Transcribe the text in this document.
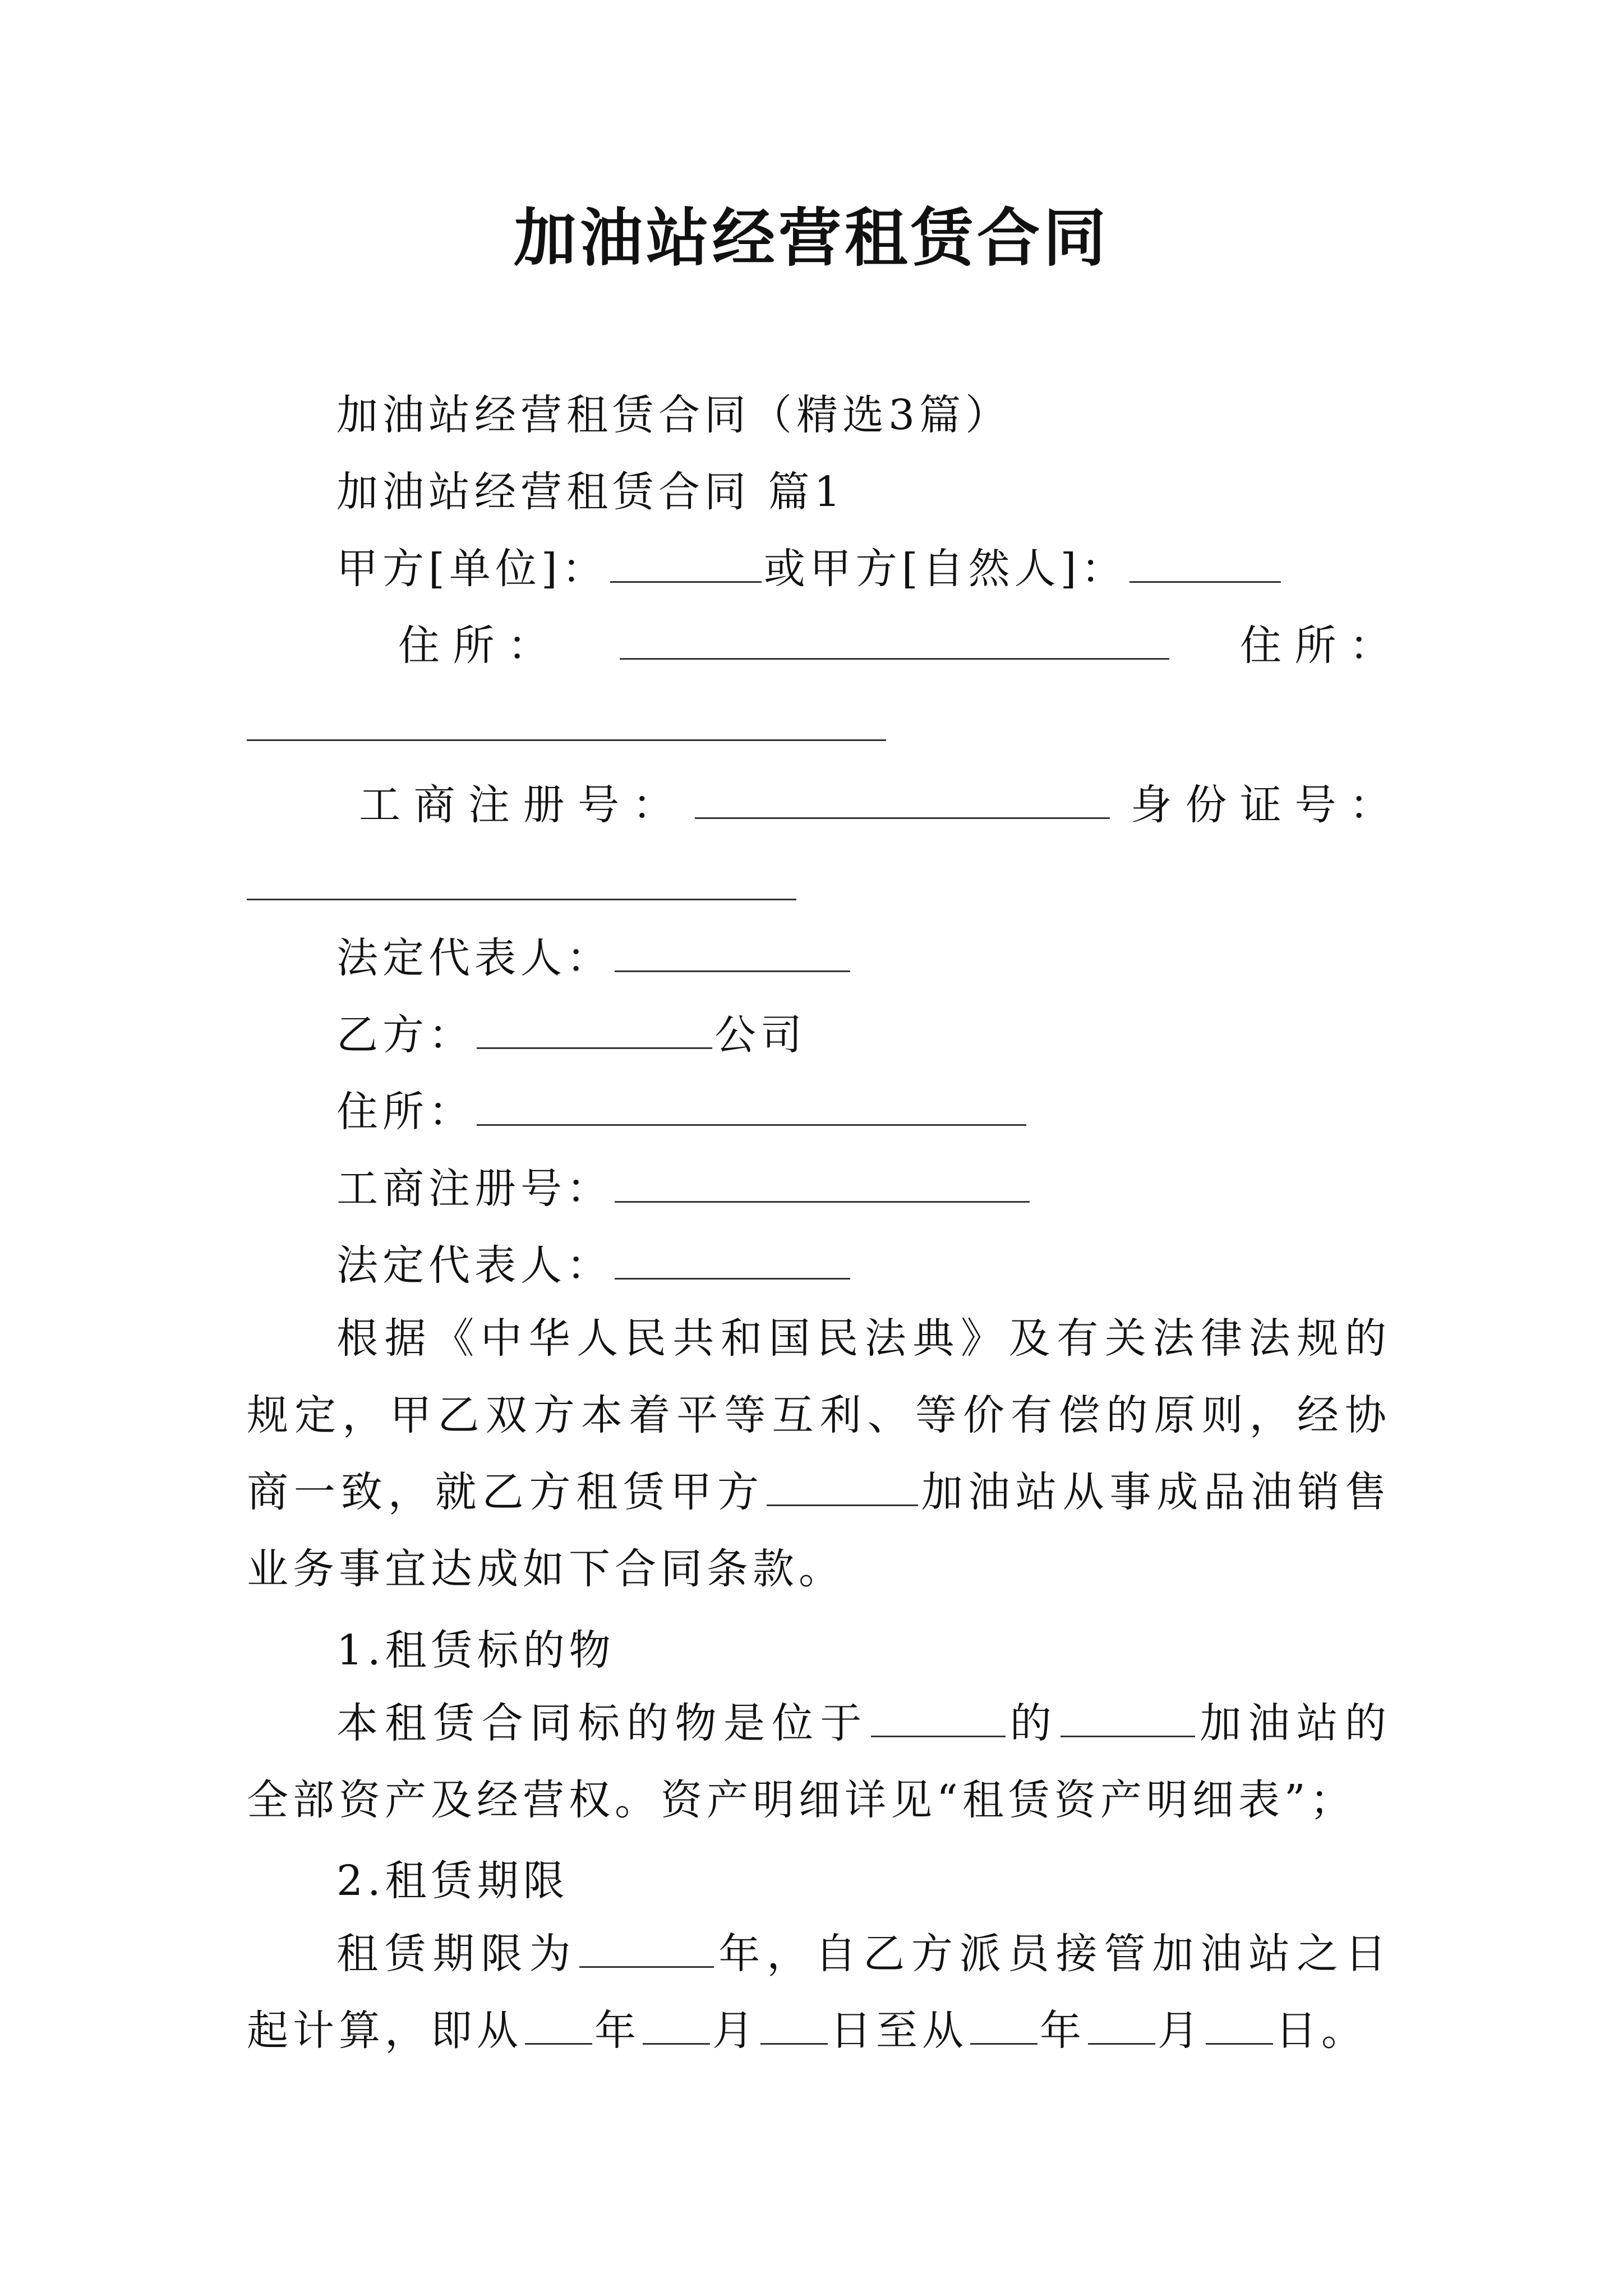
加油站经营租赁合同
加油站经营租赁合同（精选3篇）
加油站经营租赁合同 篇1
甲方[单位]：	或甲方[自然人]：
住 所 ：	住 所 ：
工 商 注 册 号 ：	身 份 证 号 ：
法定代表人：
乙方：	公司
住所：
工商注册号：
法定代表人：
根据《中华人民共和国民法典》及有关法律法规的规定，甲乙双方本着平等互利、等价有偿的原则，经协商一致，就乙方租赁甲方	加油站从事成品油销售业务事宜达成如下合同条款。
1.租赁标的物
本租赁合同标的物是位于	的	加油站的全部资产及经营权。资产明细详见“租赁资产明细表”；
2.租赁期限
租赁期限为	年，自乙方派员接管加油站之日起计算，即从 年 月 日至从 年 月 日。
